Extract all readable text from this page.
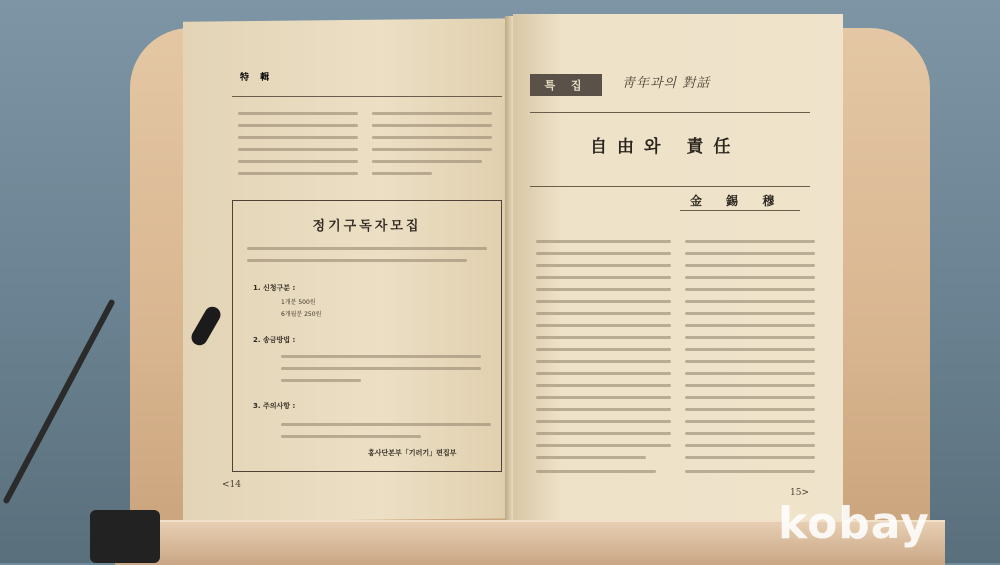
特 輯
정기구독자모집
1. 신청구분 :
1개분 500원
6개월분 250원
2. 송금방법 :
3. 주의사항 :
홍사단본부「기러기」편집부
<14
특 집	靑年과의 對話
自由와 責任
金 錫 穆
15>
kobay
